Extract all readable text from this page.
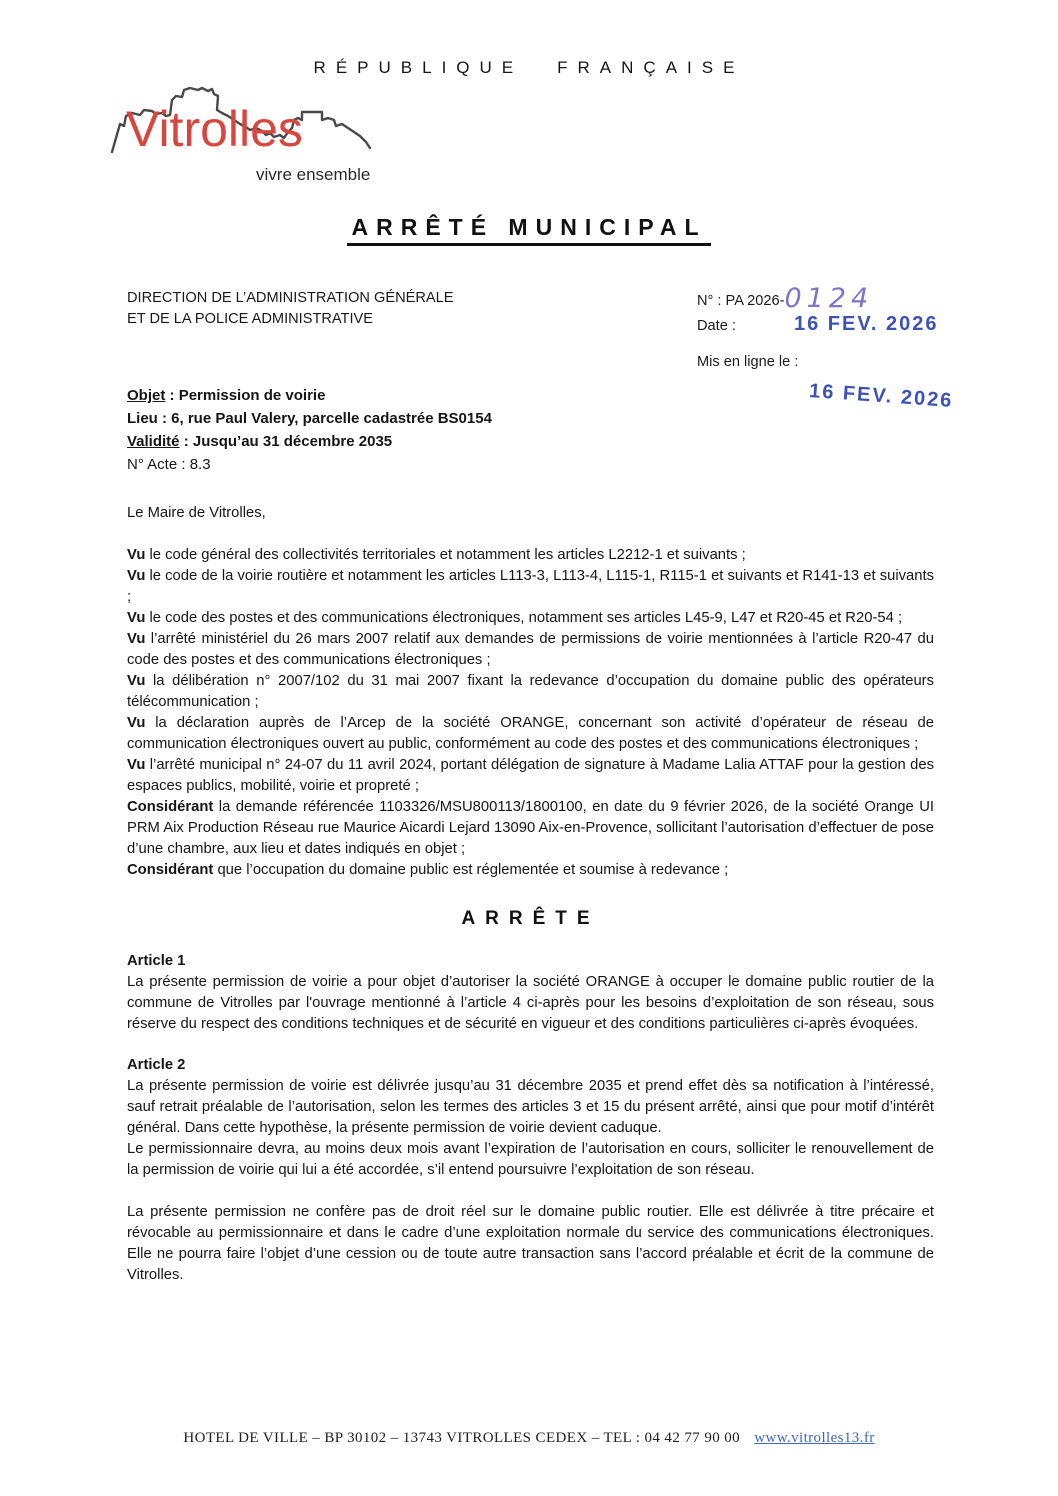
RÉPUBLIQUE FRANÇAISE
Vitrolles
vivre ensemble
ARRÊTÉ MUNICIPAL
DIRECTION DE L’ADMINISTRATION GÉNÉRALE
ET DE LA POLICE ADMINISTRATIVE
N° : PA 2026-0124
Date :	16 FEV. 2026
Mis en ligne le :
16 FEV. 2026
Objet : Permission de voirie
Lieu : 6, rue Paul Valery, parcelle cadastrée BS0154
Validité : Jusqu’au 31 décembre 2035
N° Acte : 8.3

Le Maire de Vitrolles,

Vu le code général des collectivités territoriales et notamment les articles L2212-1 et suivants ;

Vu le code de la voirie routière et notamment les articles L113-3, L113-4, L115-1, R115-1 et suivants et R141-13 et suivants ;

Vu le code des postes et des communications électroniques, notamment ses articles L45-9, L47 et R20-45 et R20-54 ;

Vu l’arrêté ministériel du 26 mars 2007 relatif aux demandes de permissions de voirie mentionnées à l’article R20-47 du code des postes et des communications électroniques ;

Vu la délibération n° 2007/102 du 31 mai 2007 fixant la redevance d’occupation du domaine public des opérateurs télécommunication ;

Vu la déclaration auprès de l’Arcep de la société ORANGE, concernant son activité d’opérateur de réseau de communication électroniques ouvert au public, conformément au code des postes et des communications électroniques ;

Vu l’arrêté municipal n° 24-07 du 11 avril 2024, portant délégation de signature à Madame Lalia ATTAF pour la gestion des espaces publics, mobilité, voirie et propreté ;

Considérant la demande référencée 1103326/MSU800113/1800100, en date du 9 février 2026, de la société Orange UI PRM Aix Production Réseau rue Maurice Aicardi Lejard 13090 Aix-en-Provence, sollicitant l’autorisation d’effectuer de pose d’une chambre, aux lieu et dates indiqués en objet ;

Considérant que l’occupation du domaine public est réglementée et soumise à redevance ;

ARRÊTE

Article 1

La présente permission de voirie a pour objet d’autoriser la société ORANGE à occuper le domaine public routier de la commune de Vitrolles par l'ouvrage mentionné à l’article 4 ci-après pour les besoins d’exploitation de son réseau, sous réserve du respect des conditions techniques et de sécurité en vigueur et des conditions particulières ci-après évoquées.

Article 2

La présente permission de voirie est délivrée jusqu’au 31 décembre 2035 et prend effet dès sa notification à l’intéressé, sauf retrait préalable de l’autorisation, selon les termes des articles 3 et 15 du présent arrêté, ainsi que pour motif d’intérêt général. Dans cette hypothèse, la présente permission de voirie devient caduque.

Le permissionnaire devra, au moins deux mois avant l’expiration de l’autorisation en cours, solliciter le renouvellement de la permission de voirie qui lui a été accordée, s’il entend poursuivre l’exploitation de son réseau.

La présente permission ne confère pas de droit réel sur le domaine public routier. Elle est délivrée à titre précaire et révocable au permissionnaire et dans le cadre d’une exploitation normale du service des communications électroniques. Elle ne pourra faire l’objet d’une cession ou de toute autre transaction sans l’accord préalable et écrit de la commune de Vitrolles.

HOTEL DE VILLE – BP 30102 – 13743 VITROLLES CEDEX – TEL : 04 42 77 90 00 www.vitrolles13.fr
